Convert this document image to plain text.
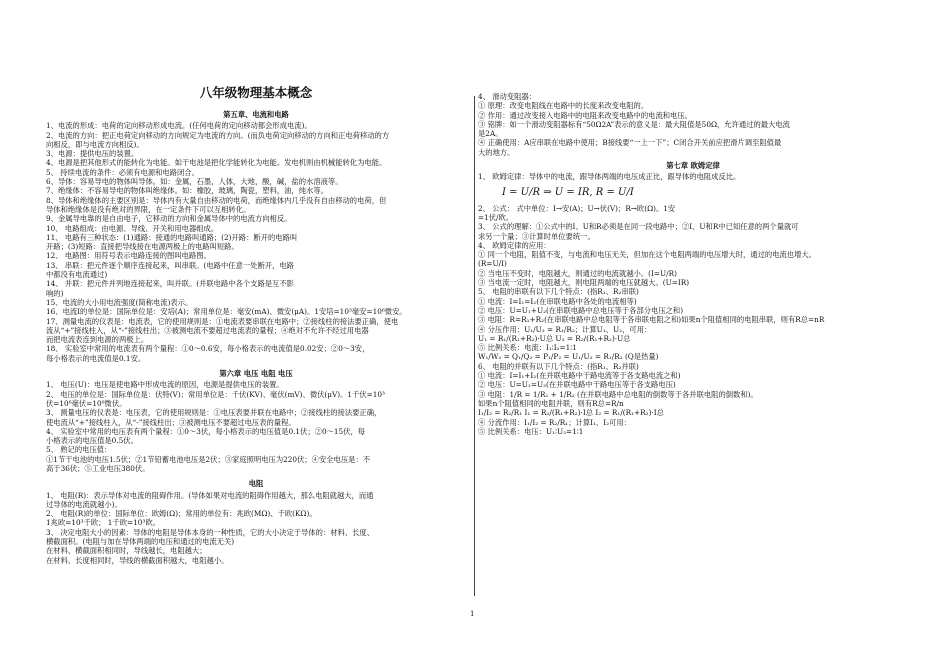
八年级物理基本概念
第五章、电流和电路
1、电流的形成：电荷的定向移动形成电流。(任何电荷的定向移动都会形成电流)。
2、电流的方向：把正电荷定向移动的方向规定为电流的方向。(而负电荷定向移动的方向和正电荷移动的方
向相反，即与电流方向相反)。
3、电源：提供电压的装置。
4、电源是把其他形式的能转化为电能。如干电池是把化学能转化为电能。发电机则由机械能转化为电能。
5、 持续电流的条件：必须有电源和电路闭合。
6、导体：容易导电的物体叫导体。如：金属，石墨，人体，大地，酸，碱，盐的水溶液等。
7、绝缘体：不容易导电的物体叫绝缘体。如：橡胶，玻璃，陶瓷，塑料，油，纯水等。
8、导体和绝缘体的主要区别是：导体内有大量自由移动的电荷，而绝缘体内几乎没有自由移动的电荷，但
导体和绝缘体是没有绝对的界限，在一定条件下可以互相转化。
9、金属导电靠的是自由电子，它移动的方向和金属导体中的电流方向相反。
10、 电路组成：由电源、导线、开关和用电器组成。
11、 电路有三种状态：(1)通路：接通的电路叫通路；(2)开路：断开的电路叫
开路；(3)短路：直接把导线接在电源两极上的电路叫短路。
12、 电路图：用符号表示电路连接的图叫电路图。
13、 串联：把元件逐个顺序连接起来，叫串联。(电路中任意一处断开，电路
中都没有电流通过)
14、 并联：把元件并列地连接起来，叫并联。(并联电路中各个支路是互不影
响的)
15、电流的大小用电流强度(简称电流)表示。
16、电流I的单位是：国际单位是：安培(A)；常用单位是：毫安(mA)、微安(μA)。1安培=10³毫安=10⁶微安。
17、测量电流的仪表是：电流表，它的使用规则是：①电流表要串联在电路中；②接线柱的接法要正确，使电
流从“+”接线柱入，从“-”接线柱出；③被测电流不要超过电流表的量程；④绝对不允许不经过用电器
而把电流表连到电源的两极上。
18、 实验室中常用的电流表有两个量程：①0～0.6安，每小格表示的电流值是0.02安；②0～3安，
每小格表示的电流值是0.1安。
第六章 电压 电阻 电压
1、 电压(U)：电压是使电路中形成电流的原因，电源是提供电压的装置。
2、 电压的单位是：国际单位是：伏特(V)；常用单位是：千伏(KV)、毫伏(mV)、微伏(μV)。1千伏=10³
伏=10⁶毫伏=10⁹微伏。
3、 测量电压的仪表是：电压表，它的使用规则是：①电压表要并联在电路中；②接线柱的接法要正确，
使电流从“+”接线柱入，从“-”接线柱出；③被测电压不要超过电压表的量程。
4、 实验室中常用的电压表有两个量程：①0～3伏，每小格表示的电压值是0.1伏；②0～15伏，每
小格表示的电压值是0.5伏。
5、 熟记的电压值：
①1节干电池的电压1.5伏；②1节铅蓄电池电压是2伏；③家庭照明电压为220伏；④安全电压是：不
高于36伏；⑤工业电压380伏。
电阻
1、 电阻(R)：表示导体对电流的阻碍作用。(导体如果对电流的阻碍作用越大，那么电阻就越大，而通
过导体的电流就越小)。
2、 电阻(R)的单位：国际单位：欧姆(Ω)；常用的单位有：兆欧(MΩ)、千欧(KΩ)。
1兆欧=10³千欧； 1千欧=10³欧。
3、 决定电阻大小的因素：导体的电阻是导体本身的一种性质，它的大小决定于导体的：材料、长度、
横截面积。(电阻与加在导体两端的电压和通过的电流无关)
在材料、横截面积相同时，导线越长，电阻越大；
在材料、长度相同时，导线的横截面积越大，电阻越小。
4、 滑动变阻器：
① 原理：改变电阻线在电路中的长度来改变电阻的。
② 作用：通过改变接入电路中的电阻来改变电路中的电流和电压。
③ 铭牌：如一个滑动变阻器标有“50Ω2A”表示的意义是：最大阻值是50Ω，允许通过的最大电流
是2A。
④ 正确使用：A应串联在电路中使用；B接线要“一上一下”；C闭合开关前应把滑片调至阻值最
大的地方。
第七章 欧姆定律
1、 欧姆定律：导体中的电流，跟导体两端的电压成正比，跟导体的电阻成反比。
I = U/R ⇒ U = IR, R = U/I
2、 公式： 式中单位：I→安(A)；U→伏(V)；R→欧(Ω)。1安
=1伏/欧。
3、 公式的理解：①公式中的I、U和R必须是在同一段电路中；②I、U和R中已知任意的两个量就可
求另一个量；③计算时单位要统一。
4、 欧姆定律的应用：
① 同一个电阻，阻值不变，与电流和电压无关，但加在这个电阻两端的电压增大时，通过的电流也增大。
(R=U/I)
② 当电压不变时，电阻越大，则通过的电流就越小。(I=U/R)
③ 当电流一定时，电阻越大，则电阻两端的电压就越大。(U=IR)
5、 电阻的串联有以下几个特点：(指R₁、R₂串联)
① 电流：I=I₁=I₂(在串联电路中各处的电流相等)
② 电压：U=U₁+U₂(在串联电路中总电压等于各部分电压之和)
③ 电阻：R=R₁+R₂(在串联电路中总电阻等于各串联电阻之和)如果n个阻值相同的电阻串联，则有R总=nR
④ 分压作用：U₁/U₂ = R₁/R₂；计算U₁、U₂，可用：
U₁ = R₁/(R₁+R₂)·U总 U₂ = R₂/(R₁+R₂)·U总
⑤ 比例关系：电流：I₁∶I₂=1∶1
W₁/W₂ = Q₁/Q₂ = P₁/P₂ = U₁/U₂ = R₁/R₂ (Q是热量)
6、 电阻的并联有以下几个特点：(指R₁、R₂并联)
① 电流：I=I₁+I₂(在并联电路中干路电流等于各支路电流之和)
② 电压：U=U₁=U₂(在并联电路中干路电压等于各支路电压)
③ 电阻：1/R = 1/R₁ + 1/R₂ (在并联电路中总电阻的倒数等于各并联电阻的倒数和)。
如果n个阻值相同的电阻并联，则有R总=R/n
I₁/I₂ = R₂/R₁ I₁ = R₂/(R₁+R₂)·I总 I₂ = R₁/(R₁+R₂)·I总
④ 分流作用：I₁/I₂ = R₂/R₁；计算I₁、I₂可用：
⑤ 比例关系：电压：U₁∶U₂=1∶1
1
